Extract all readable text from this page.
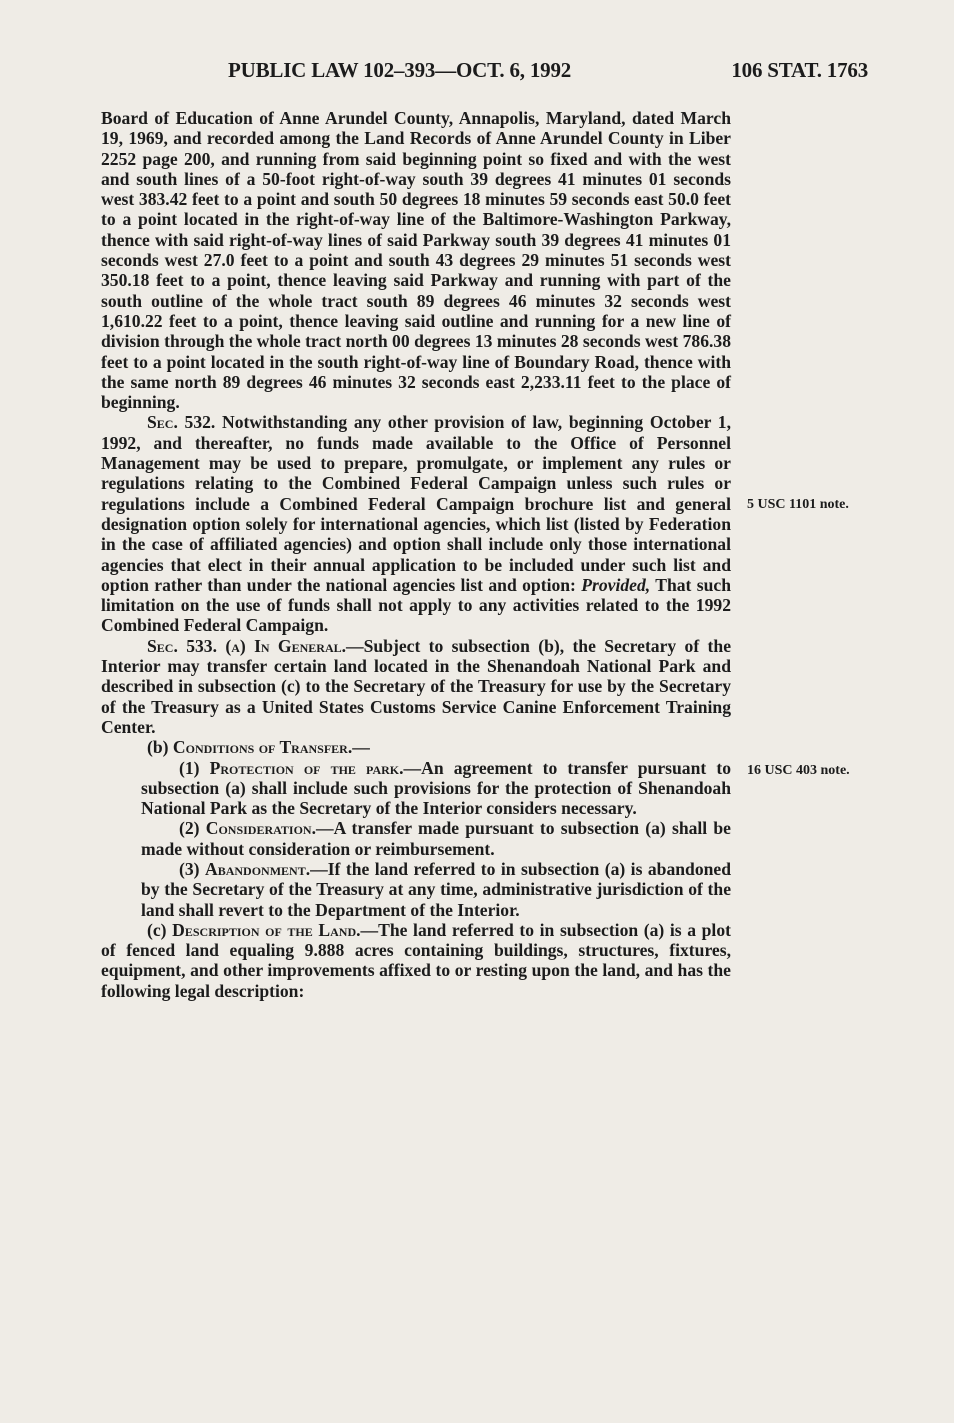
PUBLIC LAW 102–393—OCT. 6, 1992	106 STAT. 1763

Board of Education of Anne Arundel County, Annapolis, Maryland, dated March 19, 1969, and recorded among the Land Records of Anne Arundel County in Liber 2252 page 200, and running from said beginning point so fixed and with the west and south lines of a 50-foot right-of-way south 39 degrees 41 minutes 01 seconds west 383.42 feet to a point and south 50 degrees 18 minutes 59 seconds east 50.0 feet to a point located in the right-of-way line of the Baltimore-Washington Parkway, thence with said right-of-way lines of said Parkway south 39 degrees 41 minutes 01 seconds west 27.0 feet to a point and south 43 degrees 29 minutes 51 seconds west 350.18 feet to a point, thence leaving said Parkway and running with part of the south outline of the whole tract south 89 degrees 46 minutes 32 seconds west 1,610.22 feet to a point, thence leaving said outline and running for a new line of division through the whole tract north 00 degrees 13 minutes 28 seconds west 786.38 feet to a point located in the south right-of-way line of Boundary Road, thence with the same north 89 degrees 46 minutes 32 seconds east 2,233.11 feet to the place of beginning.

Sec. 532. Notwithstanding any other provision of law, beginning October 1, 1992, and thereafter, no funds made available to the Office of Personnel Management may be used to prepare, promulgate, or implement any rules or regulations relating to the Combined Federal Campaign unless such rules or regulations include a Combined Federal Campaign brochure list and general designation option solely for international agencies, which list (listed by Federation in the case of affiliated agencies) and option shall include only those international agencies that elect in their annual application to be included under such list and option rather than under the national agencies list and option: Provided, That such limitation on the use of funds shall not apply to any activities related to the 1992 Combined Federal Campaign.

Sec. 533. (a) In General.—Subject to subsection (b), the Secretary of the Interior may transfer certain land located in the Shenandoah National Park and described in subsection (c) to the Secretary of the Treasury for use by the Secretary of the Treasury as a United States Customs Service Canine Enforcement Training Center.

(b) Conditions of Transfer.—

(1) Protection of the park.—An agreement to transfer pursuant to subsection (a) shall include such provisions for the protection of Shenandoah National Park as the Secretary of the Interior considers necessary.

(2) Consideration.—A transfer made pursuant to subsection (a) shall be made without consideration or reimbursement.

(3) Abandonment.—If the land referred to in subsection (a) is abandoned by the Secretary of the Treasury at any time, administrative jurisdiction of the land shall revert to the Department of the Interior.

(c) Description of the Land.—The land referred to in subsection (a) is a plot of fenced land equaling 9.888 acres containing buildings, structures, fixtures, equipment, and other improvements affixed to or resting upon the land, and has the following legal description:

5 USC 1101 note.
16 USC 403 note.
